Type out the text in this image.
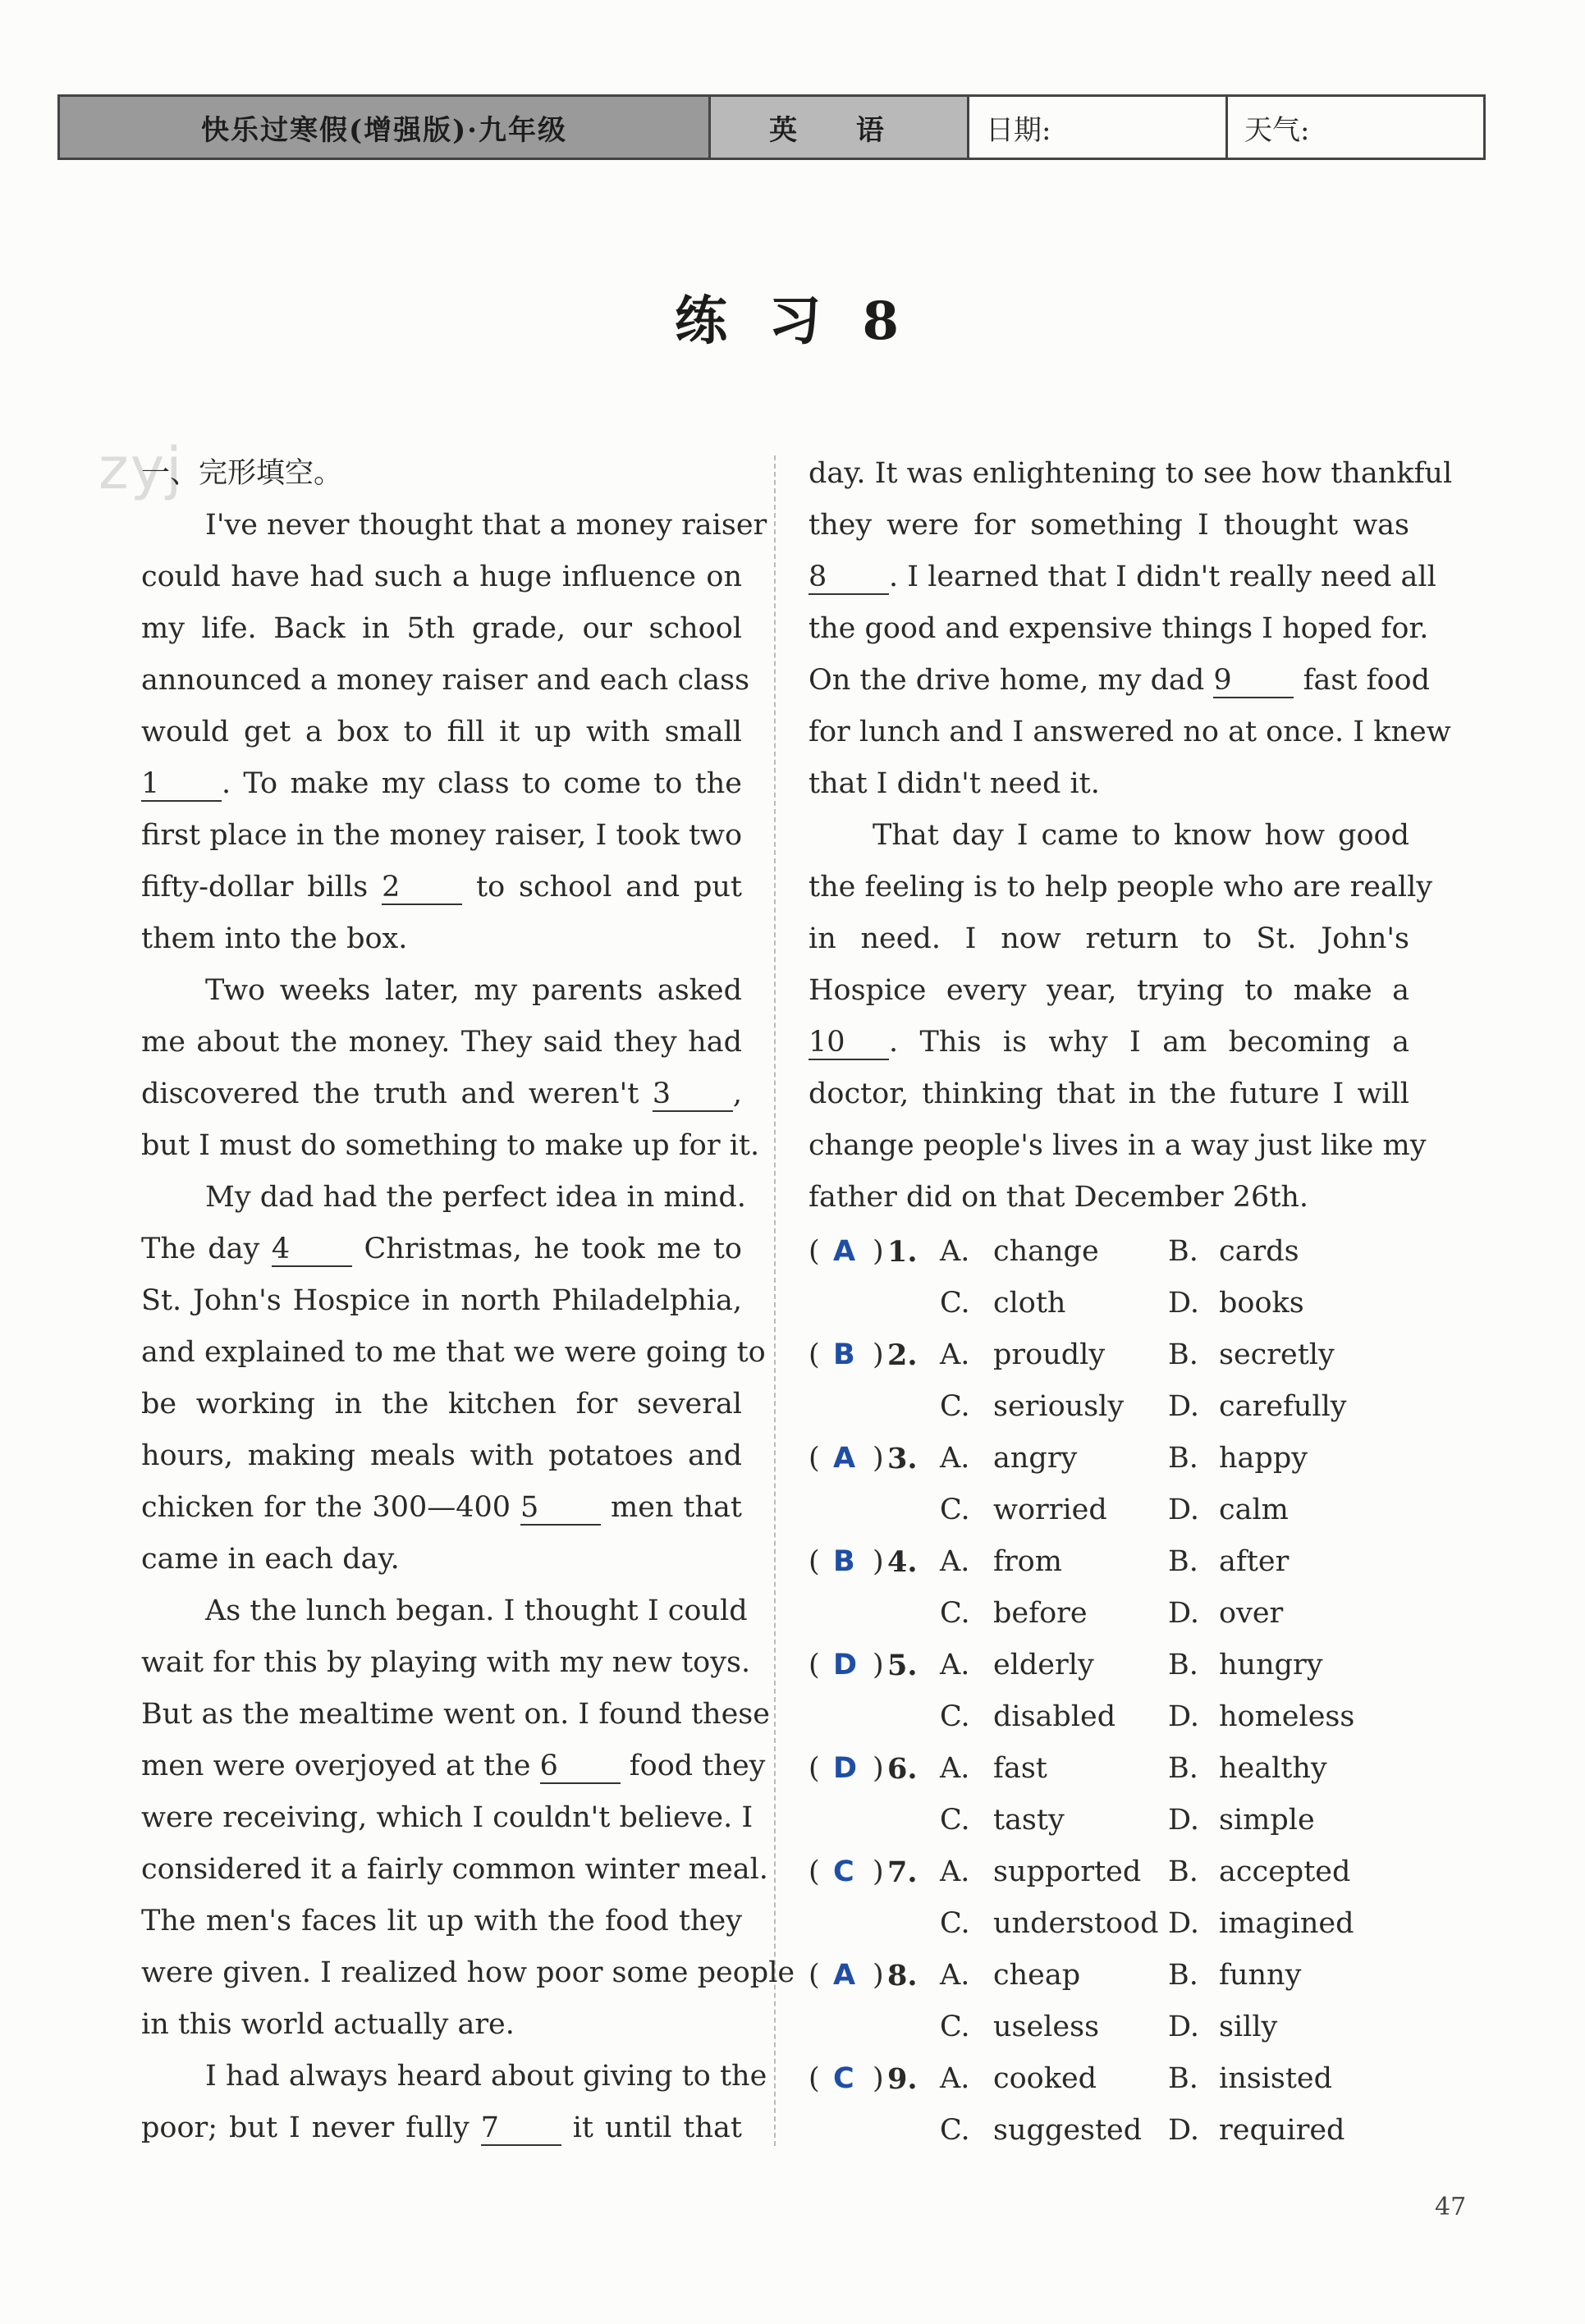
快乐过寒假(增强版)·九年级	英 语	日期:	天气:
练 习 8
zyj
一、完形填空。
I've never thought that a money raiser
could have had such a huge influence on
my life. Back in 5th grade, our school
announced a money raiser and each class
would get a box to fill it up with small
1 . To make my class to come to the
first place in the money raiser, I took two
fifty-dollar bills 2	to school and put
them into the box.
Two weeks later, my parents asked
me about the money. They said they had
discovered the truth and weren't 3 ,
but I must do something to make up for it.
My dad had the perfect idea in mind.
The day 4	Christmas, he took me to
St. John's Hospice in north Philadelphia,
and explained to me that we were going to
be working in the kitchen for several
hours, making meals with potatoes and
chicken for the 300—400 5	men that
came in each day.
As the lunch began. I thought I could
wait for this by playing with my new toys.
But as the mealtime went on. I found these
men were overjoyed at the 6 food they
were receiving, which I couldn't believe. I
considered it a fairly common winter meal.
The men's faces lit up with the food they
were given. I realized how poor some people
in this world actually are.
I had always heard about giving to the
poor; but I never fully 7	it until that
day. It was enlightening to see how thankful
they were for something I thought was
8 . I learned that I didn't really need all
the good and expensive things I hoped for.
On the drive home, my dad 9 fast food
for lunch and I answered no at once. I knew
that I didn't need it.
That day I came to know how good
the feeling is to help people who are really
in need. I now return to St. John's
Hospice every year, trying to make a
10 . This is why I am becoming a
doctor, thinking that in the future I will
change people's lives in a way just like my
father did on that December 26th.
( A ) 1. A. change B. cards
C. cloth	D. books
( B ) 2. A. proudly B. secretly
C. seriously D. carefully
( A ) 3. A. angry	B. happy
C. worried D. calm
( B ) 4. A. from	B. after
C. before	D. over
( D ) 5. A. elderly	B. hungry
C. disabled D. homeless
( D ) 6. A. fast	B. healthy
C. tasty	D. simple
( C ) 7. A. supported B. accepted
C. understood D. imagined
( A ) 8. A. cheap	B. funny
C. useless D. silly
( C ) 9. A. cooked B. insisted
C. suggested D. required
47
